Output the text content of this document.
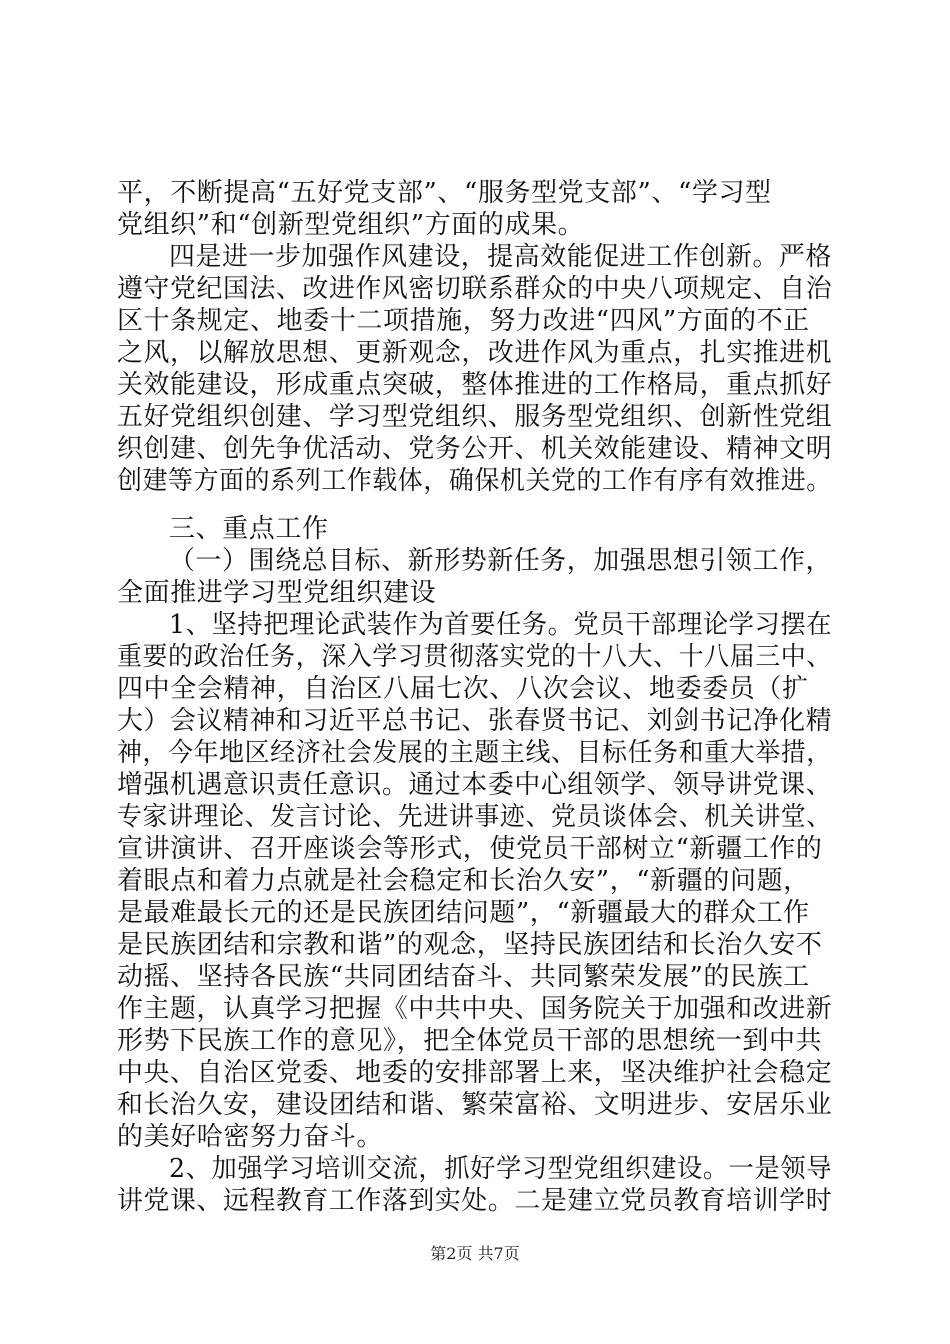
平，不断提高“五好党支部”、“服务型党支部”、“学习型
党组织”和“创新型党组织”方面的成果。
四是进一步加强作风建设，提高效能促进工作创新。严格
遵守党纪国法、改进作风密切联系群众的中央八项规定、自治
区十条规定、地委十二项措施，努力改进“四风”方面的不正
之风，以解放思想、更新观念，改进作风为重点，扎实推进机
关效能建设，形成重点突破，整体推进的工作格局，重点抓好
五好党组织创建、学习型党组织、服务型党组织、创新性党组
织创建、创先争优活动、党务公开、机关效能建设、精神文明
创建等方面的系列工作载体，确保机关党的工作有序有效推进。
三、重点工作
（一）围绕总目标、新形势新任务，加强思想引领工作，
全面推进学习型党组织建设
1、坚持把理论武装作为首要任务。党员干部理论学习摆在
重要的政治任务，深入学习贯彻落实党的十八大、十八届三中、
四中全会精神，自治区八届七次、八次会议、地委委员（扩
大）会议精神和习近平总书记、张春贤书记、刘剑书记净化精
神，今年地区经济社会发展的主题主线、目标任务和重大举措，
增强机遇意识责任意识。通过本委中心组领学、领导讲党课、
专家讲理论、发言讨论、先进讲事迹、党员谈体会、机关讲堂、
宣讲演讲、召开座谈会等形式，使党员干部树立“新疆工作的
着眼点和着力点就是社会稳定和长治久安”，“新疆的问题，
是最难最长元的还是民族团结问题”，“新疆最大的群众工作
是民族团结和宗教和谐”的观念，坚持民族团结和长治久安不
动摇、坚持各民族“共同团结奋斗、共同繁荣发展”的民族工
作主题，认真学习把握《中共中央、国务院关于加强和改进新
形势下民族工作的意见》，把全体党员干部的思想统一到中共
中央、自治区党委、地委的安排部署上来，坚决维护社会稳定
和长治久安，建设团结和谐、繁荣富裕、文明进步、安居乐业
的美好哈密努力奋斗。
2、加强学习培训交流，抓好学习型党组织建设。一是领导
讲党课、远程教育工作落到实处。二是建立党员教育培训学时
第2页 共7页
